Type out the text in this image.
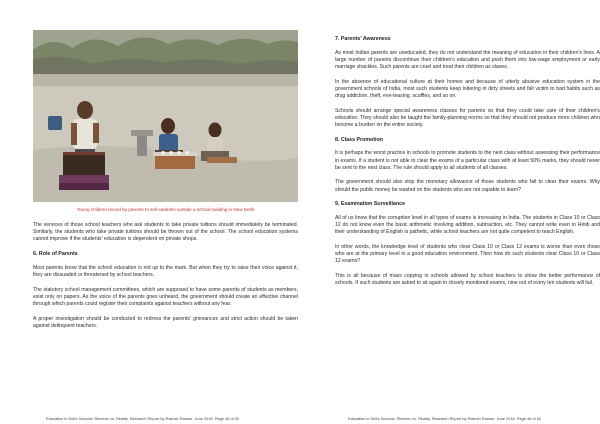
Young children forced by parents to sell eatables outside a school building in New Delhi

The services of those school teachers who ask students to take private tuitions should immediately be terminated. Similarly, the students who take private tuitions should be thrown out of the school. The school education systems cannot improve if the students' education is dependent on private shops.

6. Role of Parents

Most parents know that the school education is not up to the mark. But when they try to raise their voice against it, they are dissuaded or threatened by school teachers.

The statutory school management committees, which are supposed to have some parents of students as members, exist only on papers. As the voice of the parents goes unheard, the government should create an effective channel through which parents could register their complaints against teachers without any fear.

A proper investigation should be conducted to redress the parents' grievances and strict action should be taken against delinquent teachers.

Education in Delhi Schools: Rhetoric vs. Reality. Research Report by Rakesh Raman. June 2016. Page 45 of 52

7. Parents' Awareness

As most Indian parents are uneducated, they do not understand the meaning of education in their children's lives. A large number of parents discontinue their children's education and push them into low-wage employment or early marriage shackles. Such parents are cruel and treat their children as slaves.

In the absence of educational culture at their homes and because of utterly abusive education system in the government schools of India, most such students keep loitering in dirty streets and fall victim to bad habits such as drug addiction, theft, eve-teasing, scuffles, and so on.

Schools should arrange special awareness classes for parents so that they could take care of their children's education. They should also be taught the family-planning norms so that they should not produce more children who become a burden on the entire society.

8. Class Promotion

It is perhaps the worst practice in schools to promote students to the next class without assessing their performance in exams. If a student is not able to clear the exams of a particular class with at least 50% marks, they should never be sent to the next class. The rule should apply to all students of all classes.

The government should also stop the monetary allowance of those students who fail to clear their exams. Why should the public money be wasted on the students who are not capable to learn?

9. Examination Surveillance

All of us know that the corruption level in all types of exams is increasing in India. The students in Class 10 or Class 12 do not know even the basic arithmetic involving addition, subtraction, etc. They cannot write even in Hindi and their understanding of English is pathetic, while school teachers are not quite competent to teach English.

In other words, the knowledge level of students who clear Class 10 or Class 12 exams is worse than even those who are at the primary level in a good education environment. Then how do such students clear Class 10 or Class 12 exams?

This is all because of mass copying in schools allowed by school teachers to show the better performance of schools. If such students are asked to sit again in closely monitored exams, nine out of every ten students will fail.

Education in Delhi Schools: Rhetoric vs. Reality. Research Report by Rakesh Raman. June 2016. Page 46 of 52
